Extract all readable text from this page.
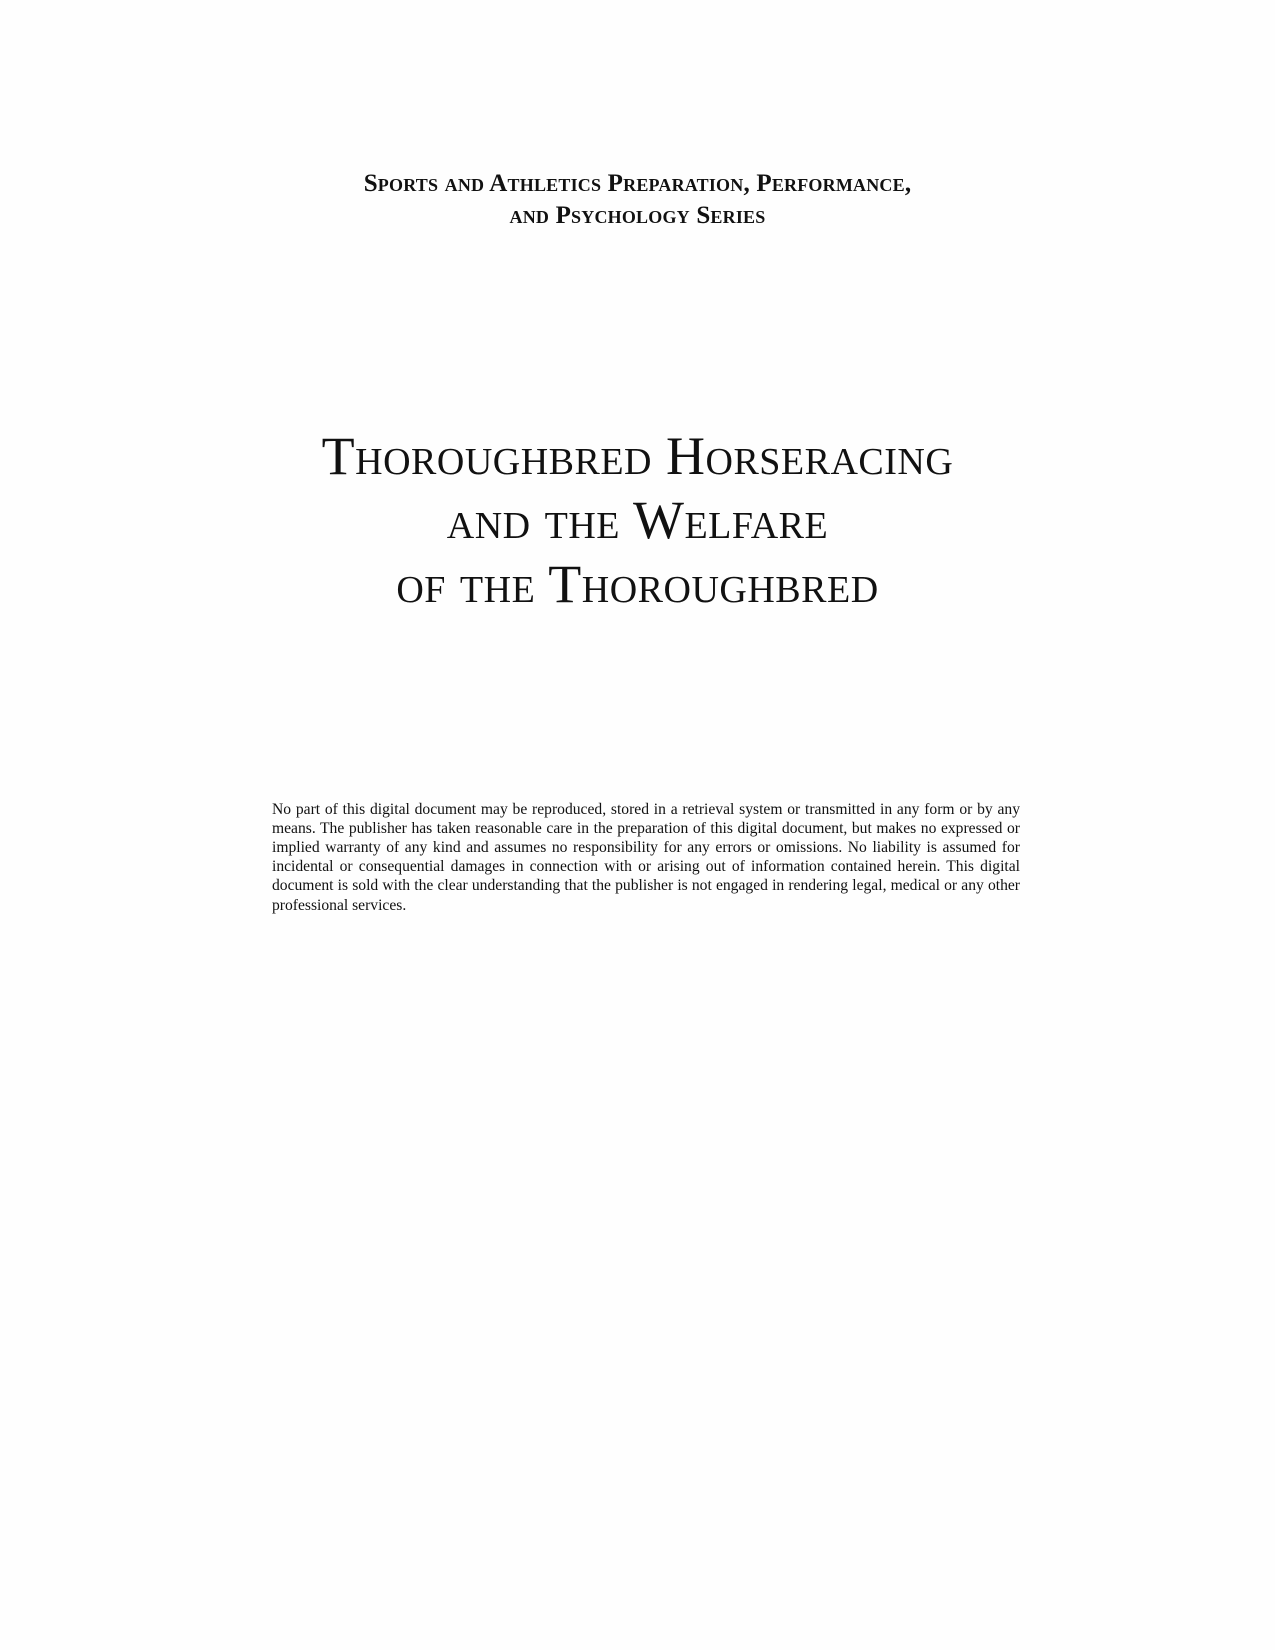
Sports and Athletics Preparation, Performance,
and Psychology Series
Thoroughbred Horseracing
and the Welfare
of the Thoroughbred

No part of this digital document may be reproduced, stored in a retrieval system or transmitted in any form or by any means. The publisher has taken reasonable care in the preparation of this digital document, but makes no expressed or implied warranty of any kind and assumes no responsibility for any errors or omissions. No liability is assumed for incidental or consequential damages in connection with or arising out of information contained herein. This digital document is sold with the clear understanding that the publisher is not engaged in rendering legal, medical or any other professional services.
